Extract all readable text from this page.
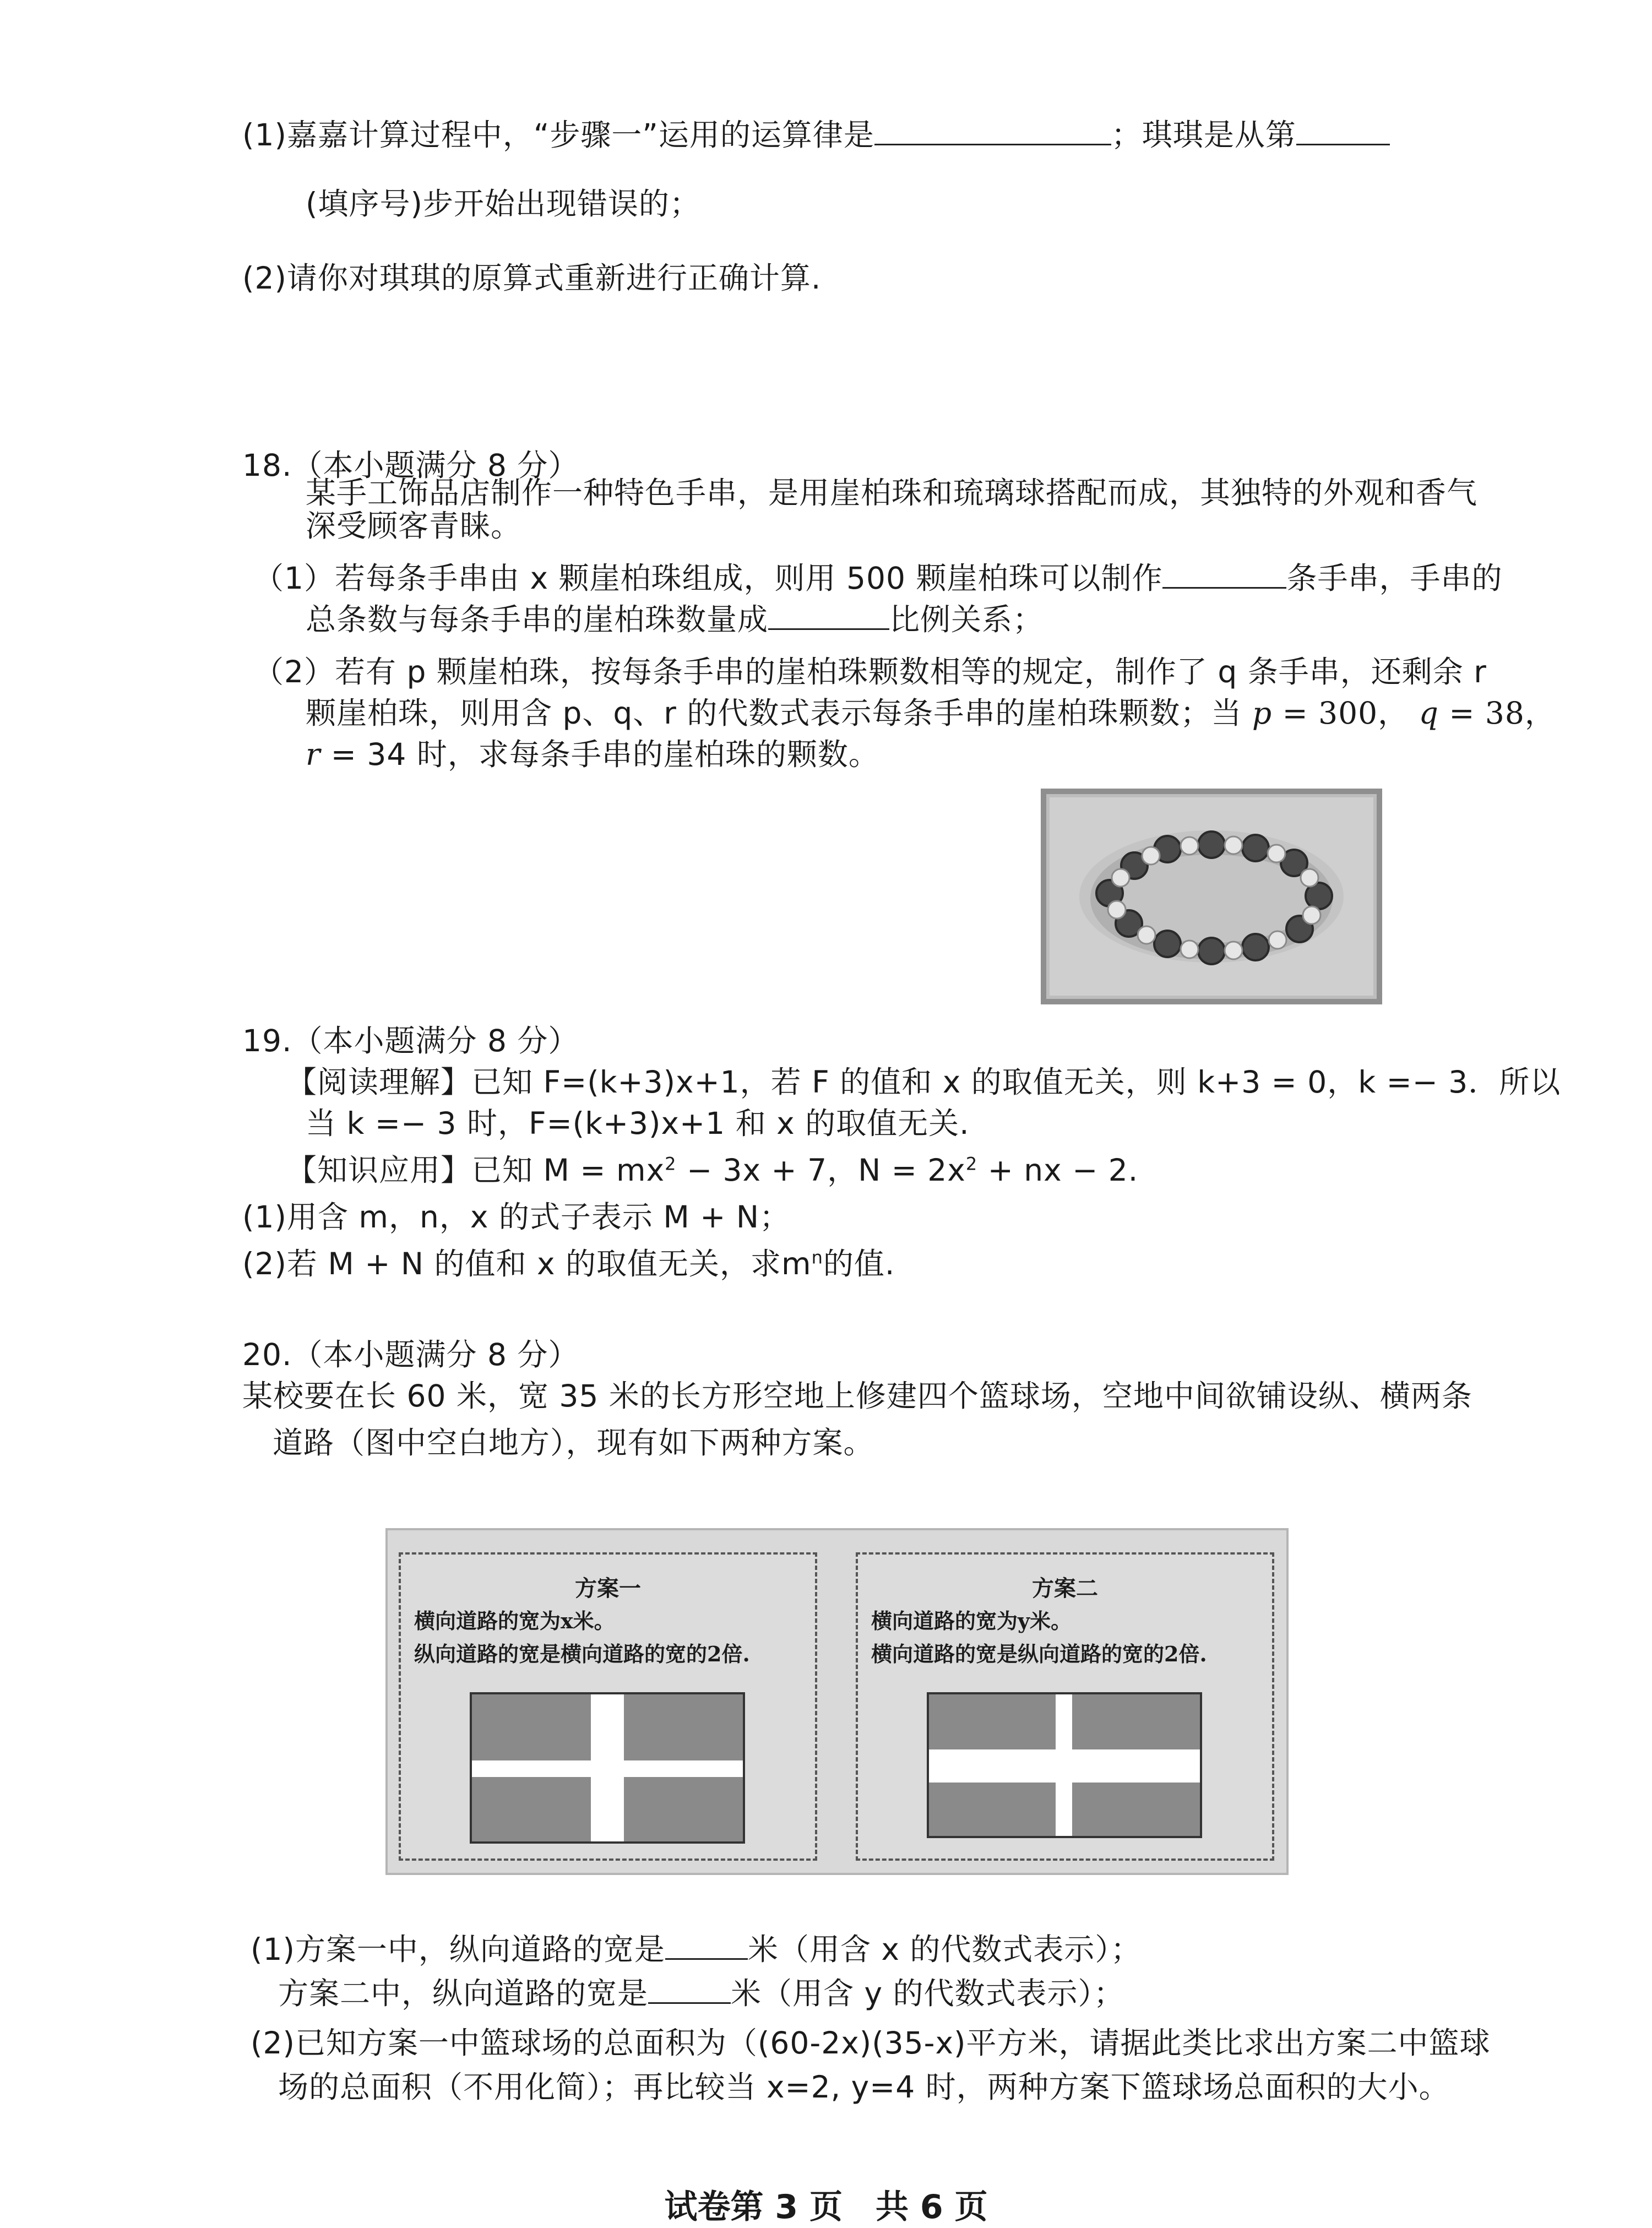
(1)嘉嘉计算过程中，“步骤一”运用的运算律是	；琪琪是从第
(填序号)步开始出现错误的；
(2)请你对琪琪的原算式重新进行正确计算.
18.（本小题满分 8 分）
某手工饰品店制作一种特色手串，是用崖柏珠和琉璃球搭配而成，其独特的外观和香气
深受顾客青睐。
（1）若每条手串由 x 颗崖柏珠组成，则用 500 颗崖柏珠可以制作	条手串，手串的
总条数与每条手串的崖柏珠数量成	比例关系；
（2）若有 p 颗崖柏珠，按每条手串的崖柏珠颗数相等的规定，制作了 q 条手串，还剩余 r
颗崖柏珠，则用含 p、q、r 的代数式表示每条手串的崖柏珠颗数；当 p = 300， q = 38，
r = 34 时，求每条手串的崖柏珠的颗数。
19.（本小题满分 8 分）
【阅读理解】已知 F=(k+3)x+1，若 F 的值和 x 的取值无关，则 k+3 = 0，k =− 3．所以
当 k =− 3 时，F=(k+3)x+1 和 x 的取值无关.
【知识应用】已知 $M = mx^2 - 3x + 7$，$N = 2x^2$ + nx − 2.
(1)用含 m，n，x 的式子表示 M + N；
(2)若 M + N 的值和 x 的取值无关，求$m^n$的值.
20.（本小题满分 8 分）
某校要在长 60 米，宽 35 米的长方形空地上修建四个篮球场，空地中间欲铺设纵、横两条
道路（图中空白地方），现有如下两种方案。
方案一
横向道路的宽为x米。
纵向道路的宽是横向道路的宽的2倍.
方案二
横向道路的宽为y米。
横向道路的宽是纵向道路的宽的2倍.
(1)方案一中，纵向道路的宽是	米（用含 x 的代数式表示）；
方案二中，纵向道路的宽是	米（用含 y 的代数式表示）；
(2)已知方案一中篮球场的总面积为（(60-2x)(35-x)平方米，请据此类比求出方案二中篮球
场的总面积（不用化简）；再比较当 x=2, y=4 时，两种方案下篮球场总面积的大小。
试卷第 3 页　共 6 页
